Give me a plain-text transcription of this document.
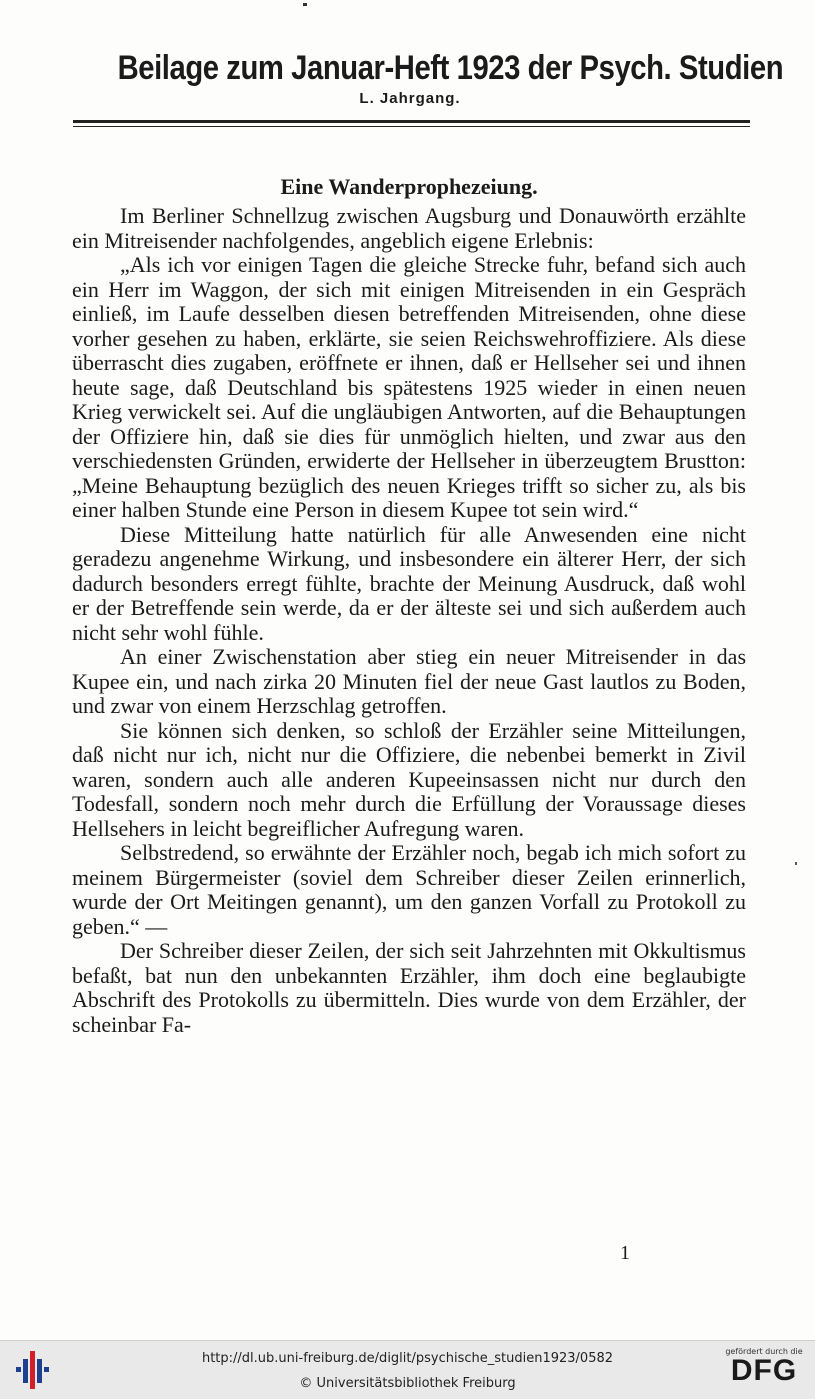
Beilage zum Januar-Heft 1923 der Psych. Studien
L. Jahrgang.
Eine Wanderprophezeiung.

Im Berliner Schnellzug zwischen Augsburg und Donauwörth erzählte ein Mitreisender nachfolgendes, angeblich eigene Erlebnis:

„Als ich vor einigen Tagen die gleiche Strecke fuhr, befand sich auch ein Herr im Waggon, der sich mit einigen Mitreisenden in ein Gespräch einließ, im Laufe desselben diesen betreffenden Mitreisenden, ohne diese vorher gesehen zu haben, erklärte, sie seien Reichswehroffiziere. Als diese überrascht dies zugaben, eröffnete er ihnen, daß er Hellseher sei und ihnen heute sage, daß Deutschland bis spätestens 1925 wieder in einen neuen Krieg verwickelt sei. Auf die ungläubigen Antworten, auf die Behauptungen der Offiziere hin, daß sie dies für unmöglich hielten, und zwar aus den verschiedensten Gründen, erwiderte der Hellseher in überzeugtem Brustton: „Meine Behauptung bezüglich des neuen Krieges trifft so sicher zu, als bis einer halben Stunde eine Person in diesem Kupee tot sein wird.“

Diese Mitteilung hatte natürlich für alle Anwesenden eine nicht geradezu angenehme Wirkung, und insbesondere ein älterer Herr, der sich dadurch besonders erregt fühlte, brachte der Meinung Ausdruck, daß wohl er der Betreffende sein werde, da er der älteste sei und sich außerdem auch nicht sehr wohl fühle.

An einer Zwischenstation aber stieg ein neuer Mitreisender in das Kupee ein, und nach zirka 20 Minuten fiel der neue Gast lautlos zu Boden, und zwar von einem Herzschlag getroffen.

Sie können sich denken, so schloß der Erzähler seine Mitteilungen, daß nicht nur ich, nicht nur die Offiziere, die nebenbei bemerkt in Zivil waren, sondern auch alle anderen Kupeeinsassen nicht nur durch den Todesfall, sondern noch mehr durch die Erfüllung der Voraussage dieses Hellsehers in leicht begreiflicher Aufregung waren.

Selbstredend, so erwähnte der Erzähler noch, begab ich mich sofort zu meinem Bürgermeister (soviel dem Schreiber dieser Zeilen erinnerlich, wurde der Ort Meitingen genannt), um den ganzen Vorfall zu Protokoll zu geben.“ —

Der Schreiber dieser Zeilen, der sich seit Jahrzehnten mit Okkultismus befaßt, bat nun den unbekannten Erzähler, ihm doch eine beglaubigte Abschrift des Protokolls zu übermitteln. Dies wurde von dem Erzähler, der scheinbar Fa-

1
http://dl.ub.uni-freiburg.de/diglit/psychische_studien1923/0582
© Universitätsbibliothek Freiburg
gefördert durch die
DFG
